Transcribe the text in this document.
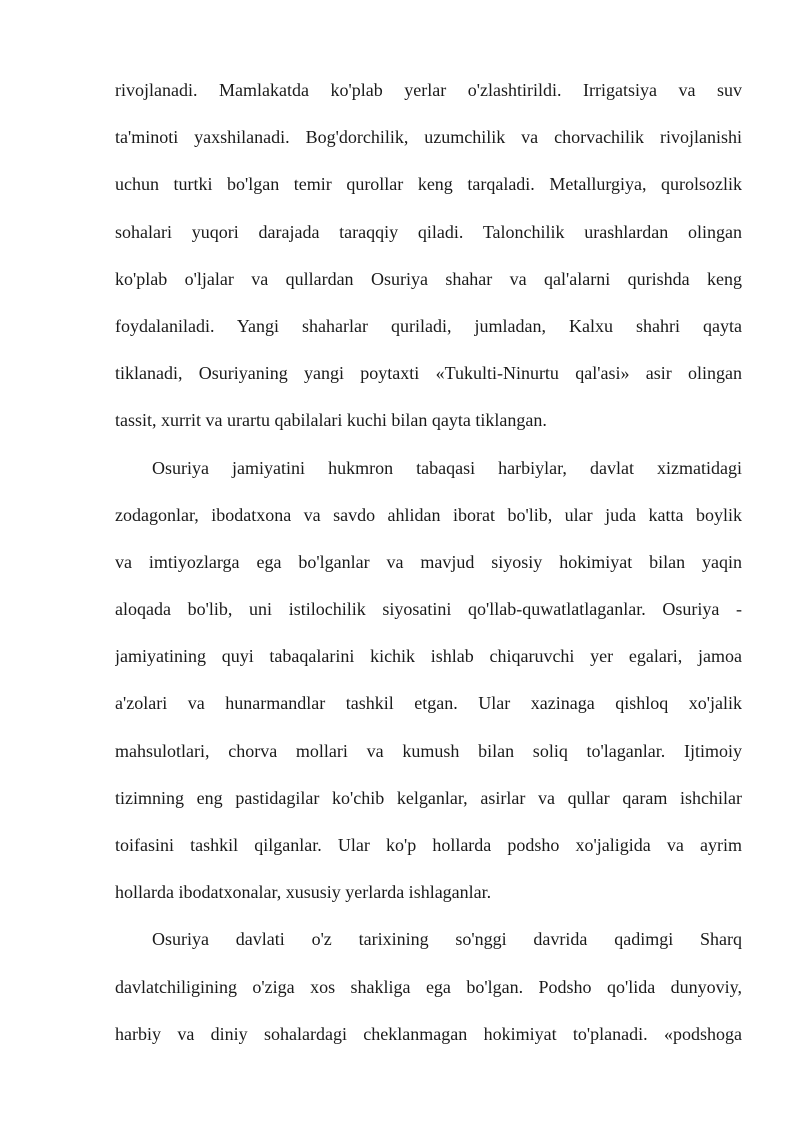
rivojlanadi. Mamlakatda ko'plab yerlar o'zlashtirildi. Irrigatsiya va suv
ta'minoti yaxshilanadi. Bog'dorchilik, uzumchilik va chorvachilik rivojlanishi
uchun turtki bo'lgan temir qurollar keng tarqaladi. Metallurgiya, qurolsozlik
sohalari yuqori darajada taraqqiy qiladi. Talonchilik urashlardan olingan
ko'plab o'ljalar va qullardan Osuriya shahar va qal'alarni qurishda keng
foydalaniladi. Yangi shaharlar quriladi, jumladan, Kalxu shahri qayta
tiklanadi, Osuriyaning yangi poytaxti «Tukulti-Ninurtu qal'asi» asir olingan
tassit, xurrit va urartu qabilalari kuchi bilan qayta tiklangan.
Osuriya jamiyatini hukmron tabaqasi harbiylar, davlat xizmatidagi
zodagonlar, ibodatxona va savdo ahlidan iborat bo'lib, ular juda katta boylik
va imtiyozlarga ega bo'lganlar va mavjud siyosiy hokimiyat bilan yaqin
aloqada bo'lib, uni istilochilik siyosatini qo'llab-quwatlatlaganlar. Osuriya -
jamiyatining quyi tabaqalarini kichik ishlab chiqaruvchi yer egalari, jamoa
a'zolari va hunarmandlar tashkil etgan. Ular xazinaga qishloq xo'jalik
mahsulotlari, chorva mollari va kumush bilan soliq to'laganlar. Ijtimoiy
tizimning eng pastidagilar ko'chib kelganlar, asirlar va qullar qaram ishchilar
toifasini tashkil qilganlar. Ular ko'p hollarda podsho xo'jaligida va ayrim
hollarda ibodatxonalar, xususiy yerlarda ishlaganlar.
Osuriya davlati o'z tarixining so'nggi davrida qadimgi Sharq
davlatchiligining o'ziga xos shakliga ega bo'lgan. Podsho qo'lida dunyoviy,
harbiy va diniy sohalardagi cheklanmagan hokimiyat to'planadi. «podshoga
